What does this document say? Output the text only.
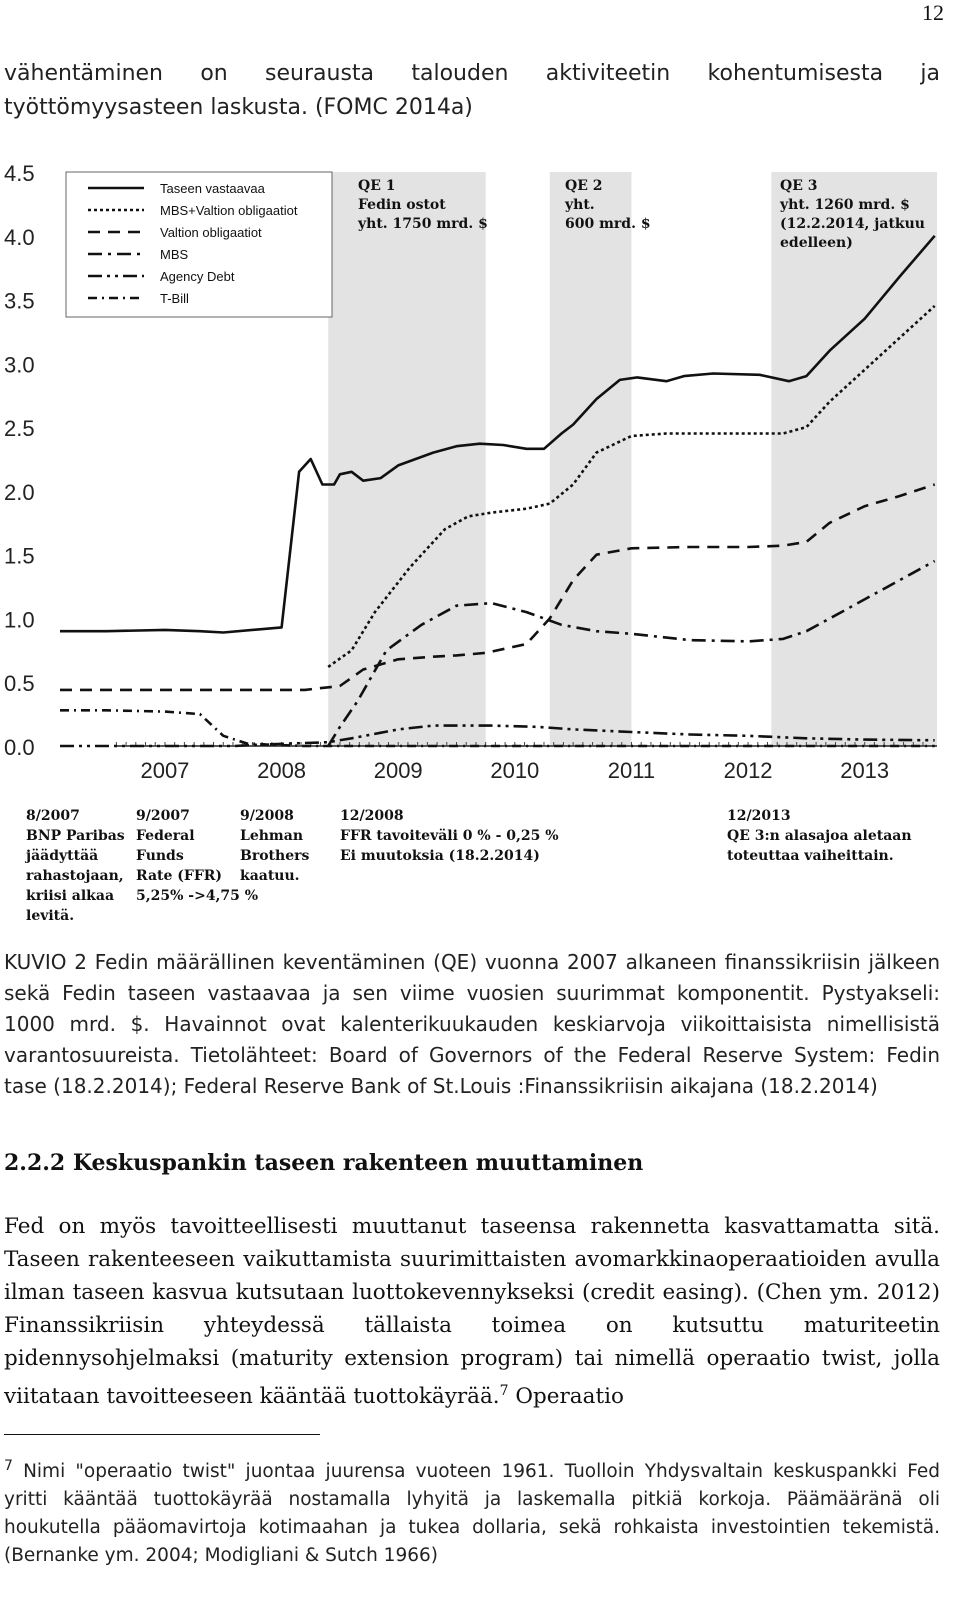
12
vähentäminen on seurausta talouden aktiviteetin kohentumisesta ja
työttömyysasteen laskusta. (FOMC 2014a)
4.5
4.0
3.5
3.0
2.5
2.0
1.5
1.0
0.5
0.0
2007	2008	2009	2010	2011	2012	2013
Taseen vastaavaa
MBS+Valtion obligaatiot
Valtion obligaatiot
MBS
Agency Debt
T-Bill
QE 1
Fedin ostot
yht. 1750 mrd. $
QE 2
yht.
600 mrd. $
QE 3
yht. 1260 mrd. $
(12.2.2014, jatkuu
edelleen)
8/2007
BNP Paribas
jäädyttää
rahastojaan,
kriisi alkaa
levitä.
9/2007
Federal
Funds
Rate (FFR)
5,25% ->4,75 %
9/2008
Lehman
Brothers
kaatuu.
12/2008
FFR tavoiteväli 0 % - 0,25 %
Ei muutoksia (18.2.2014)
12/2013
QE 3:n alasajoa aletaan
toteuttaa vaiheittain.
KUVIO 2 Fedin määrällinen keventäminen (QE) vuonna 2007 alkaneen finanssikriisin jälkeen sekä Fedin taseen vastaavaa ja sen viime vuosien suurimmat komponentit. Pystyakseli: 1000 mrd. $. Havainnot ovat kalenterikuukauden keskiarvoja viikoittaisista nimellisistä varantosuureista. Tietolähteet: Board of Governors of the Federal Reserve System: Fedin tase (18.2.2014); Federal Reserve Bank of St.Louis :Finanssikriisin aikajana (18.2.2014)
2.2.2 Keskuspankin taseen rakenteen muuttaminen
Fed on myös tavoitteellisesti muuttanut taseensa rakennetta kasvattamatta sitä. Taseen rakenteeseen vaikuttamista suurimittaisten avomarkkinaoperaatioiden avulla ilman taseen kasvua kutsutaan luottokevennykseksi (credit easing). (Chen ym. 2012) Finanssikriisin yhteydessä tällaista toimea on kutsuttu maturiteetin pidennysohjelmaksi (maturity extension program) tai nimellä operaatio twist, jolla viitataan tavoitteeseen kääntää tuottokäyrää.$^7$ Operaatio
$^7$ Nimi "operaatio twist" juontaa juurensa vuoteen 1961. Tuolloin Yhdysvaltain keskuspankki Fed yritti kääntää tuottokäyrää nostamalla lyhyitä ja laskemalla pitkiä korkoja. Päämääränä oli houkutella pääomavirtoja kotimaahan ja tukea dollaria, sekä rohkaista investointien tekemistä. (Bernanke ym. 2004; Modigliani & Sutch 1966)
